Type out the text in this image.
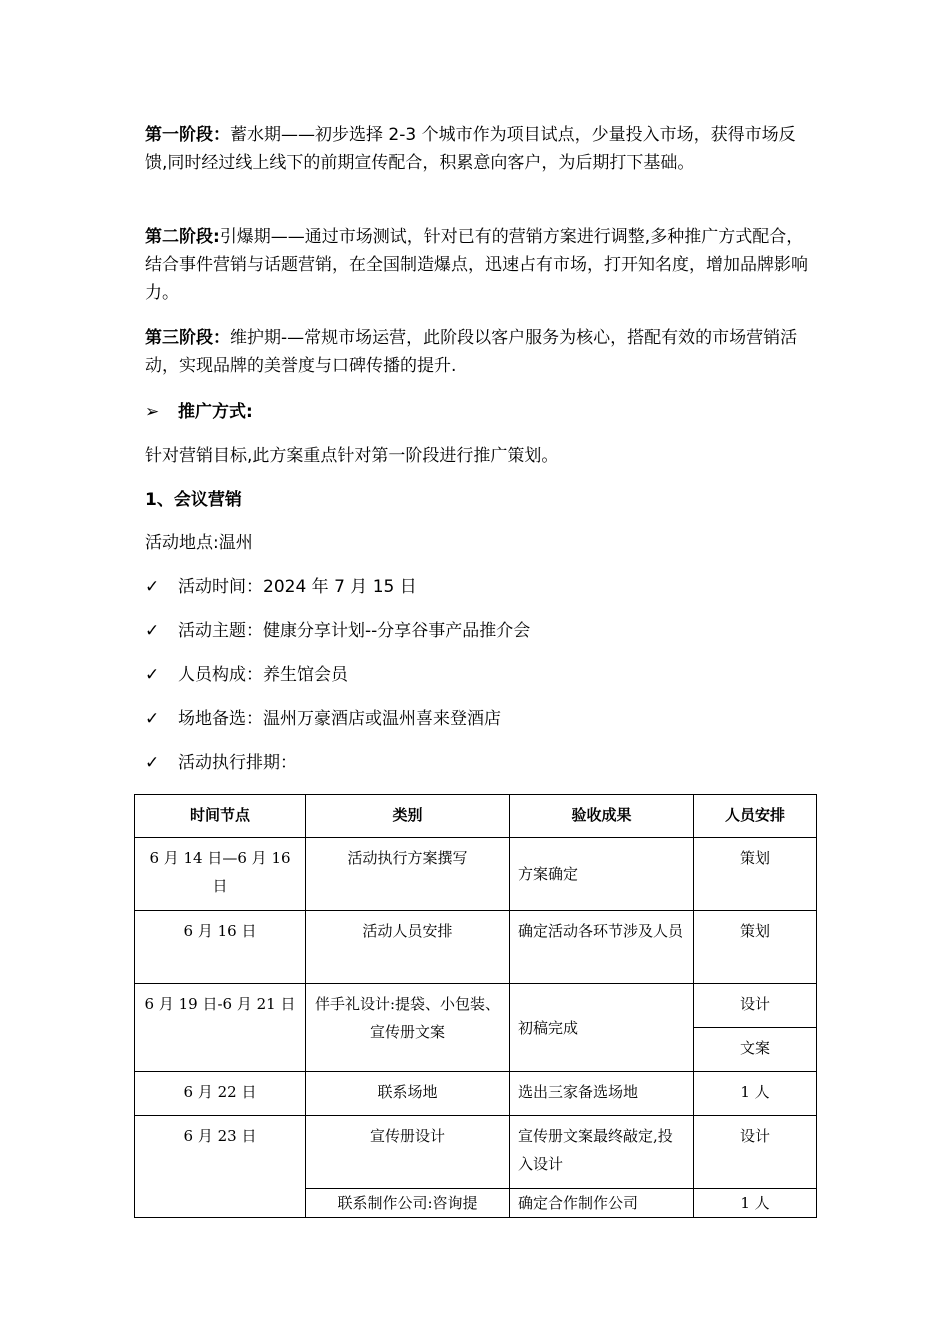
第一阶段：蓄水期——初步选择 2-3 个城市作为项目试点，少量投入市场，获得市场反馈,同时经过线上线下的前期宣传配合，积累意向客户，为后期打下基础。
第二阶段:引爆期——通过市场测试，针对已有的营销方案进行调整,多种推广方式配合，结合事件营销与话题营销，在全国制造爆点，迅速占有市场，打开知名度，增加品牌影响力。
第三阶段：维护期-—常规市场运营，此阶段以客户服务为核心，搭配有效的市场营销活动，实现品牌的美誉度与口碑传播的提升.
➢ 推广方式:
针对营销目标,此方案重点针对第一阶段进行推广策划。
1、会议营销
活动地点:温州
✓ 活动时间：2024 年 7 月 15 日
✓ 活动主题：健康分享计划--分享谷事产品推介会
✓ 人员构成：养生馆会员
✓ 场地备选：温州万豪酒店或温州喜来登酒店
✓ 活动执行排期：
时间节点	类别	验收成果	人员安排
6 月 14 日—6 月 16 日	活动执行方案撰写	方案确定	策划
6 月 16 日	活动人员安排	确定活动各环节涉及人员	策划
6 月 19 日-6 月 21 日	伴手礼设计:提袋、小包装、宣传册文案	初稿完成	设计
			文案
6 月 22 日	联系场地	选出三家备选场地	1 人
6 月 23 日	宣传册设计	宣传册文案最终敲定,投入设计	设计
	联系制作公司:咨询提	确定合作制作公司	1 人
